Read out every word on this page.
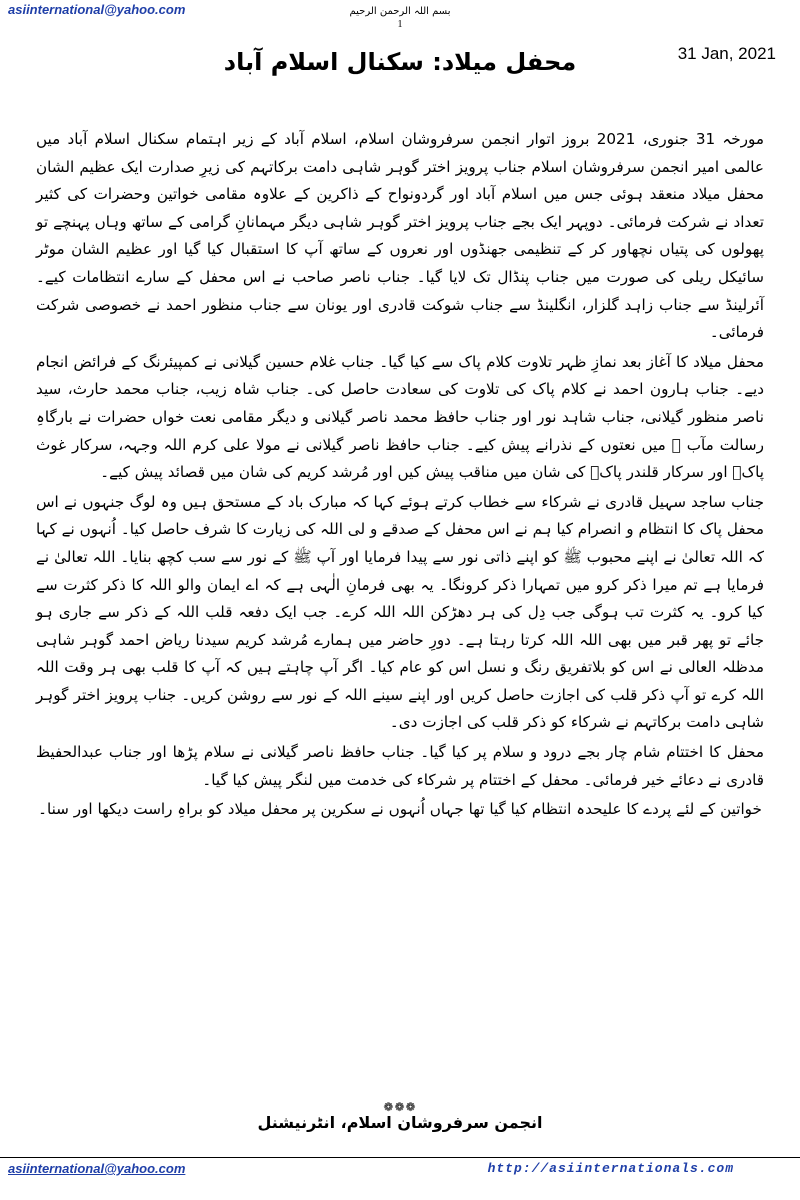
asiinternational@yahoo.com	بسم اللہ الرحمن الرحیم
1
31 Jan, 2021
محفل میلاد: سکنال اسلام آباد

مورخہ 31 جنوری، 2021 بروز اتوار انجمن سرفروشان اسلام، اسلام آباد کے زیر اہتمام سکنال اسلام آباد میں عالمی امیر انجمن سرفروشان اسلام جناب پرویز اختر گوہر شاہی دامت برکاتہم کی زیرِ صدارت ایک عظیم الشان محفل میلاد منعقد ہوئی جس میں اسلام آباد اور گردونواح کے ذاکرین کے علاوہ مقامی خواتین وحضرات کی کثیر تعداد نے شرکت فرمائی۔ دوپہر ایک بجے جناب پرویز اختر گوہر شاہی دیگر مہمانانِ گرامی کے ساتھ وہاں پہنچے تو پھولوں کی پتیاں نچھاور کر کے تنظیمی جھنڈوں اور نعروں کے ساتھ آپ کا استقبال کیا گیا اور عظیم الشان موٹر سائیکل ریلی کی صورت میں جناب پنڈال تک لایا گیا۔ جناب ناصر صاحب نے اس محفل کے سارے انتظامات کیے۔ آئرلینڈ سے جناب زاہد گلزار، انگلینڈ سے جناب شوکت قادری اور یونان سے جناب منظور احمد نے خصوصی شرکت فرمائی۔

محفل میلاد کا آغاز بعد نمازِ ظہر تلاوت کلام پاک سے کیا گیا۔ جناب غلام حسین گیلانی نے کمپیئرنگ کے فرائض انجام دیے۔ جناب ہارون احمد نے کلام پاک کی تلاوت کی سعادت حاصل کی۔ جناب شاہ زیب، جناب محمد حارث، سید ناصر منظور گیلانی، جناب شاہد نور اور جناب حافظ محمد ناصر گیلانی و دیگر مقامی نعت خواں حضرات نے بارگاہِ رسالت مآب ﷺ میں نعتوں کے نذرانے پیش کیے۔ جناب حافظ ناصر گیلانی نے مولا علی کرم اللہ وجہہ، سرکار غوث پاکؒ اور سرکار قلندر پاکؒ کی شان میں مناقب پیش کیں اور مُرشد کریم کی شان میں قصائد پیش کیے۔

جناب ساجد سہیل قادری نے شرکاء سے خطاب کرتے ہوئے کہا کہ مبارک باد کے مستحق ہیں وہ لوگ جنہوں نے اس محفل پاک کا انتظام و انصرام کیا ہم نے اس محفل کے صدقے و لی اللہ کی زیارت کا شرف حاصل کیا۔ اُنہوں نے کہا کہ اللہ تعالیٰ نے اپنے محبوب ﷺ کو اپنے ذاتی نور سے پیدا فرمایا اور آپ ﷺ کے نور سے سب کچھ بنایا۔ اللہ تعالیٰ نے فرمایا ہے تم میرا ذکر کرو میں تمہارا ذکر کرونگا۔ یہ بھی فرمانِ الٰہی ہے کہ اے ایمان والو اللہ کا ذکر کثرت سے کیا کرو۔ یہ کثرت تب ہوگی جب دِل کی ہر دھڑکن اللہ اللہ کرے۔ جب ایک دفعہ قلب اللہ کے ذکر سے جاری ہو جائے تو پھر قبر میں بھی اللہ اللہ کرتا رہتا ہے۔ دورِ حاضر میں ہمارے مُرشد کریم سیدنا ریاض احمد گوہر شاہی مدظلہ العالی نے اس کو بلاتفریق رنگ و نسل اس کو عام کیا۔ اگر آپ چاہتے ہیں کہ آپ کا قلب بھی ہر وقت اللہ اللہ کرے تو آپ ذکر قلب کی اجازت حاصل کریں اور اپنے سینے اللہ کے نور سے روشن کریں۔ جناب پرویز اختر گوہر شاہی دامت برکاتہم نے شرکاء کو ذکر قلب کی اجازت دی۔

محفل کا اختتام شام چار بجے درود و سلام پر کیا گیا۔ جناب حافظ ناصر گیلانی نے سلام پڑھا اور جناب عبدالحفیظ قادری نے دعائے خیر فرمائی۔ محفل کے اختتام پر شرکاء کی خدمت میں لنگر پیش کیا گیا۔

خواتین کے لئے پردے کا علیحدہ انتظام کیا گیا تھا جہاں اُنہوں نے سکرین پر محفل میلاد کو براہِ راست دیکھا اور سنا۔

❁❁❁
انجمن سرفروشان اسلام، انٹرنیشنل
asiinternational@yahoo.com	http://asiinternationals.com
